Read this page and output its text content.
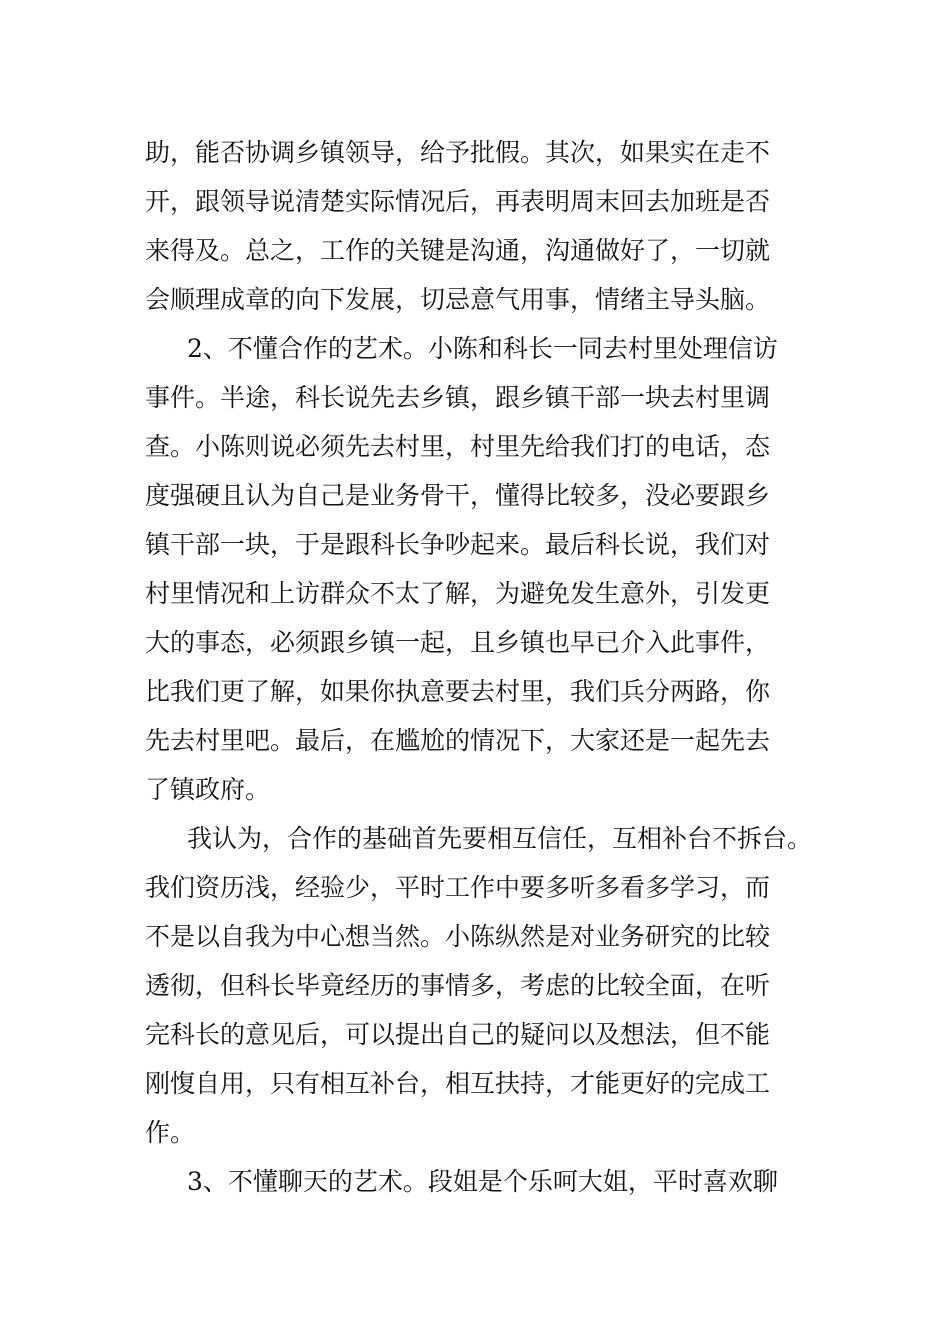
助，能否协调乡镇领导，给予批假。其次，如果实在走不
开，跟领导说清楚实际情况后，再表明周末回去加班是否
来得及。总之，工作的关键是沟通，沟通做好了，一切就
会顺理成章的向下发展，切忌意气用事，情绪主导头脑。
2、不懂合作的艺术。小陈和科长一同去村里处理信访
事件。半途，科长说先去乡镇，跟乡镇干部一块去村里调
查。小陈则说必须先去村里，村里先给我们打的电话，态
度强硬且认为自己是业务骨干，懂得比较多，没必要跟乡
镇干部一块，于是跟科长争吵起来。最后科长说，我们对
村里情况和上访群众不太了解，为避免发生意外，引发更
大的事态，必须跟乡镇一起，且乡镇也早已介入此事件，
比我们更了解，如果你执意要去村里，我们兵分两路，你
先去村里吧。最后，在尴尬的情况下，大家还是一起先去
了镇政府。
我认为，合作的基础首先要相互信任，互相补台不拆台。
我们资历浅，经验少，平时工作中要多听多看多学习，而
不是以自我为中心想当然。小陈纵然是对业务研究的比较
透彻，但科长毕竟经历的事情多，考虑的比较全面，在听
完科长的意见后，可以提出自己的疑问以及想法，但不能
刚愎自用，只有相互补台，相互扶持，才能更好的完成工
作。
3、不懂聊天的艺术。段姐是个乐呵大姐，平时喜欢聊
